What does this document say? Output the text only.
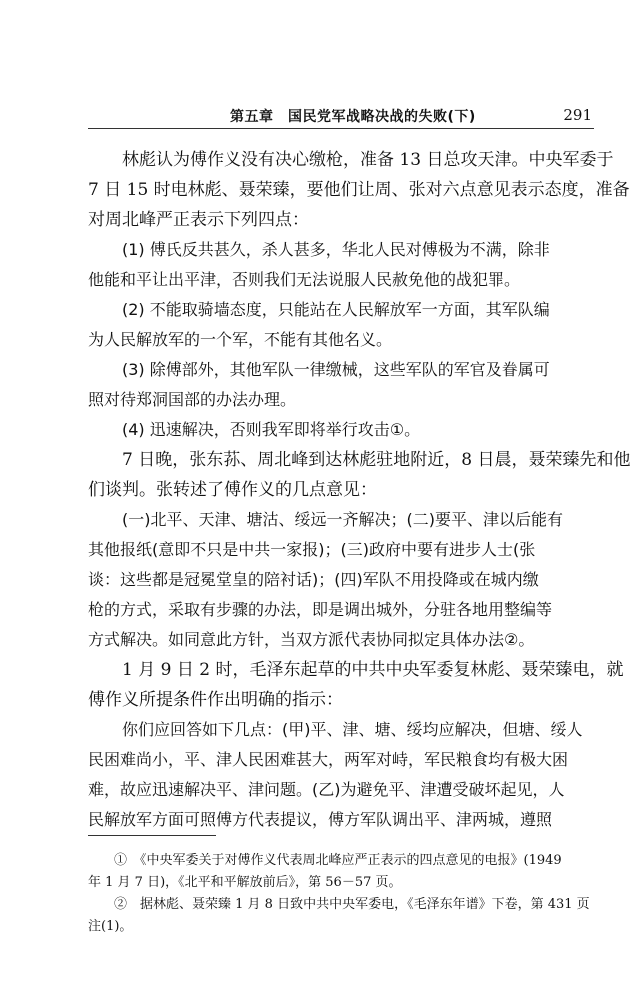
第五章　国民党军战略决战的失败(下)	291
林彪认为傅作义没有决心缴枪，准备 13 日总攻天津。中央军委于
7 日 15 时电林彪、聂荣臻，要他们让周、张对六点意见表示态度，准备
对周北峰严正表示下列四点：
(1) 傅氏反共甚久，杀人甚多，华北人民对傅极为不满，除非
他能和平让出平津，否则我们无法说服人民赦免他的战犯罪。
(2) 不能取骑墙态度，只能站在人民解放军一方面，其军队编
为人民解放军的一个军，不能有其他名义。
(3) 除傅部外，其他军队一律缴械，这些军队的军官及眷属可
照对待郑洞国部的办法办理。
(4) 迅速解决，否则我军即将举行攻击①。
7 日晚，张东荪、周北峰到达林彪驻地附近，8 日晨，聂荣臻先和他
们谈判。张转述了傅作义的几点意见：
(一)北平、天津、塘沽、绥远一齐解决；(二)要平、津以后能有
其他报纸(意即不只是中共一家报)；(三)政府中要有进步人士(张
谈：这些都是冠冕堂皇的陪衬话)；(四)军队不用投降或在城内缴
枪的方式，采取有步骤的办法，即是调出城外，分驻各地用整编等
方式解决。如同意此方针，当双方派代表协同拟定具体办法②。
1 月 9 日 2 时，毛泽东起草的中共中央军委复林彪、聂荣臻电，就
傅作义所提条件作出明确的指示：
你们应回答如下几点：(甲)平、津、塘、绥均应解决，但塘、绥人
民困难尚小，平、津人民困难甚大，两军对峙，军民粮食均有极大困
难，故应迅速解决平、津问题。(乙)为避免平、津遭受破坏起见，人
民解放军方面可照傅方代表提议，傅方军队调出平、津两城，遵照
①　《中央军委关于对傅作义代表周北峰应严正表示的四点意见的电报》(1949
年 1 月 7 日)，《北平和平解放前后》，第 56－57 页。
②　据林彪、聂荣臻 1 月 8 日致中共中央军委电，《毛泽东年谱》下卷，第 431 页
注(1)。
